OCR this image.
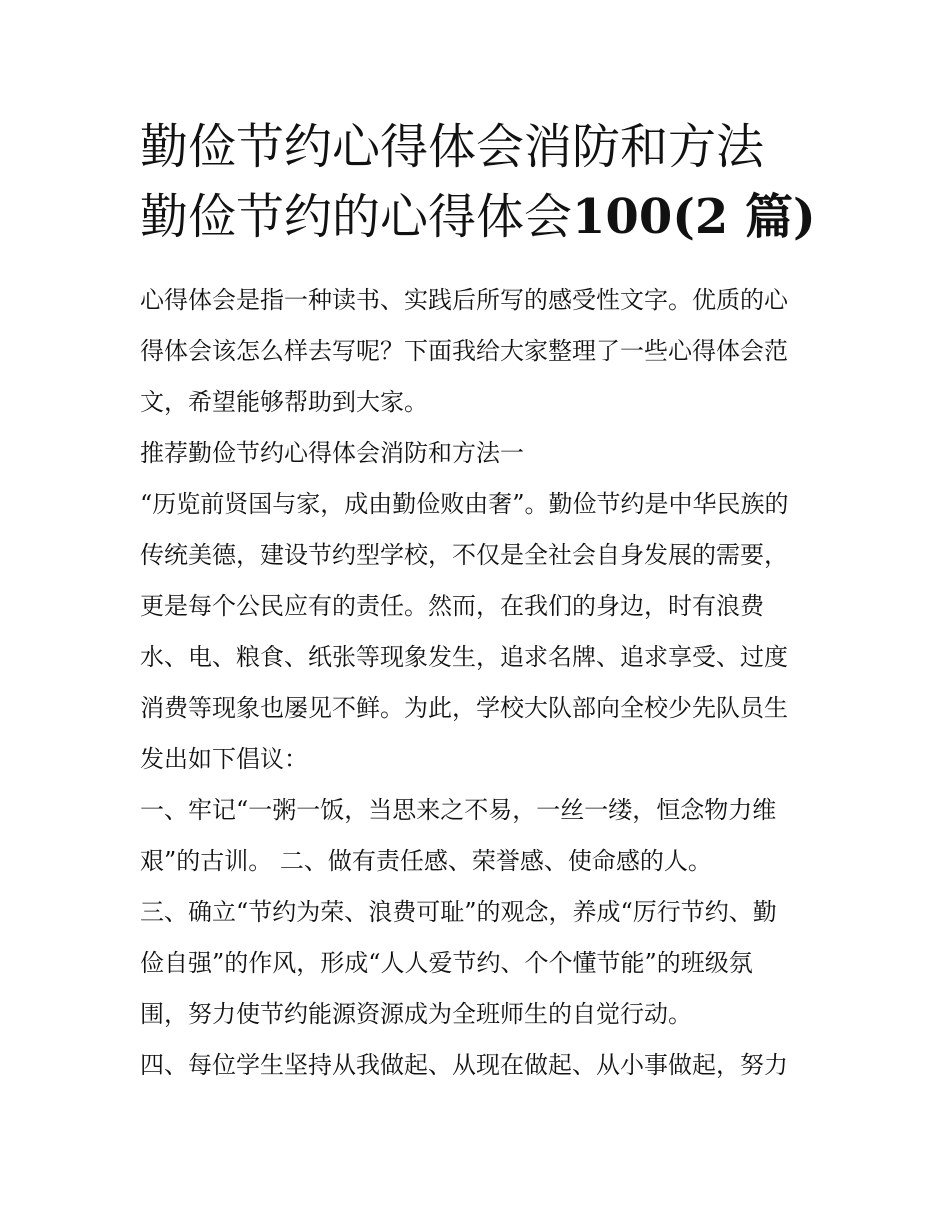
勤俭节约心得体会消防和方法
勤俭节约的心得体会100(2 篇)
心得体会是指一种读书、实践后所写的感受性文字。优质的心
得体会该怎么样去写呢？下面我给大家整理了一些心得体会范
文，希望能够帮助到大家。
推荐勤俭节约心得体会消防和方法一
“历览前贤国与家，成由勤俭败由奢”。勤俭节约是中华民族的
传统美德，建设节约型学校，不仅是全社会自身发展的需要，
更是每个公民应有的责任。然而，在我们的身边，时有浪费
水、电、粮食、纸张等现象发生，追求名牌、追求享受、过度
消费等现象也屡见不鲜。为此，学校大队部向全校少先队员生
发出如下倡议：
一、牢记“一粥一饭，当思来之不易，一丝一缕，恒念物力维
艰”的古训。 二、做有责任感、荣誉感、使命感的人。
三、确立“节约为荣、浪费可耻”的观念，养成“厉行节约、勤
俭自强”的作风，形成“人人爱节约、个个懂节能”的班级氛
围，努力使节约能源资源成为全班师生的自觉行动。
四、每位学生坚持从我做起、从现在做起、从小事做起，努力
